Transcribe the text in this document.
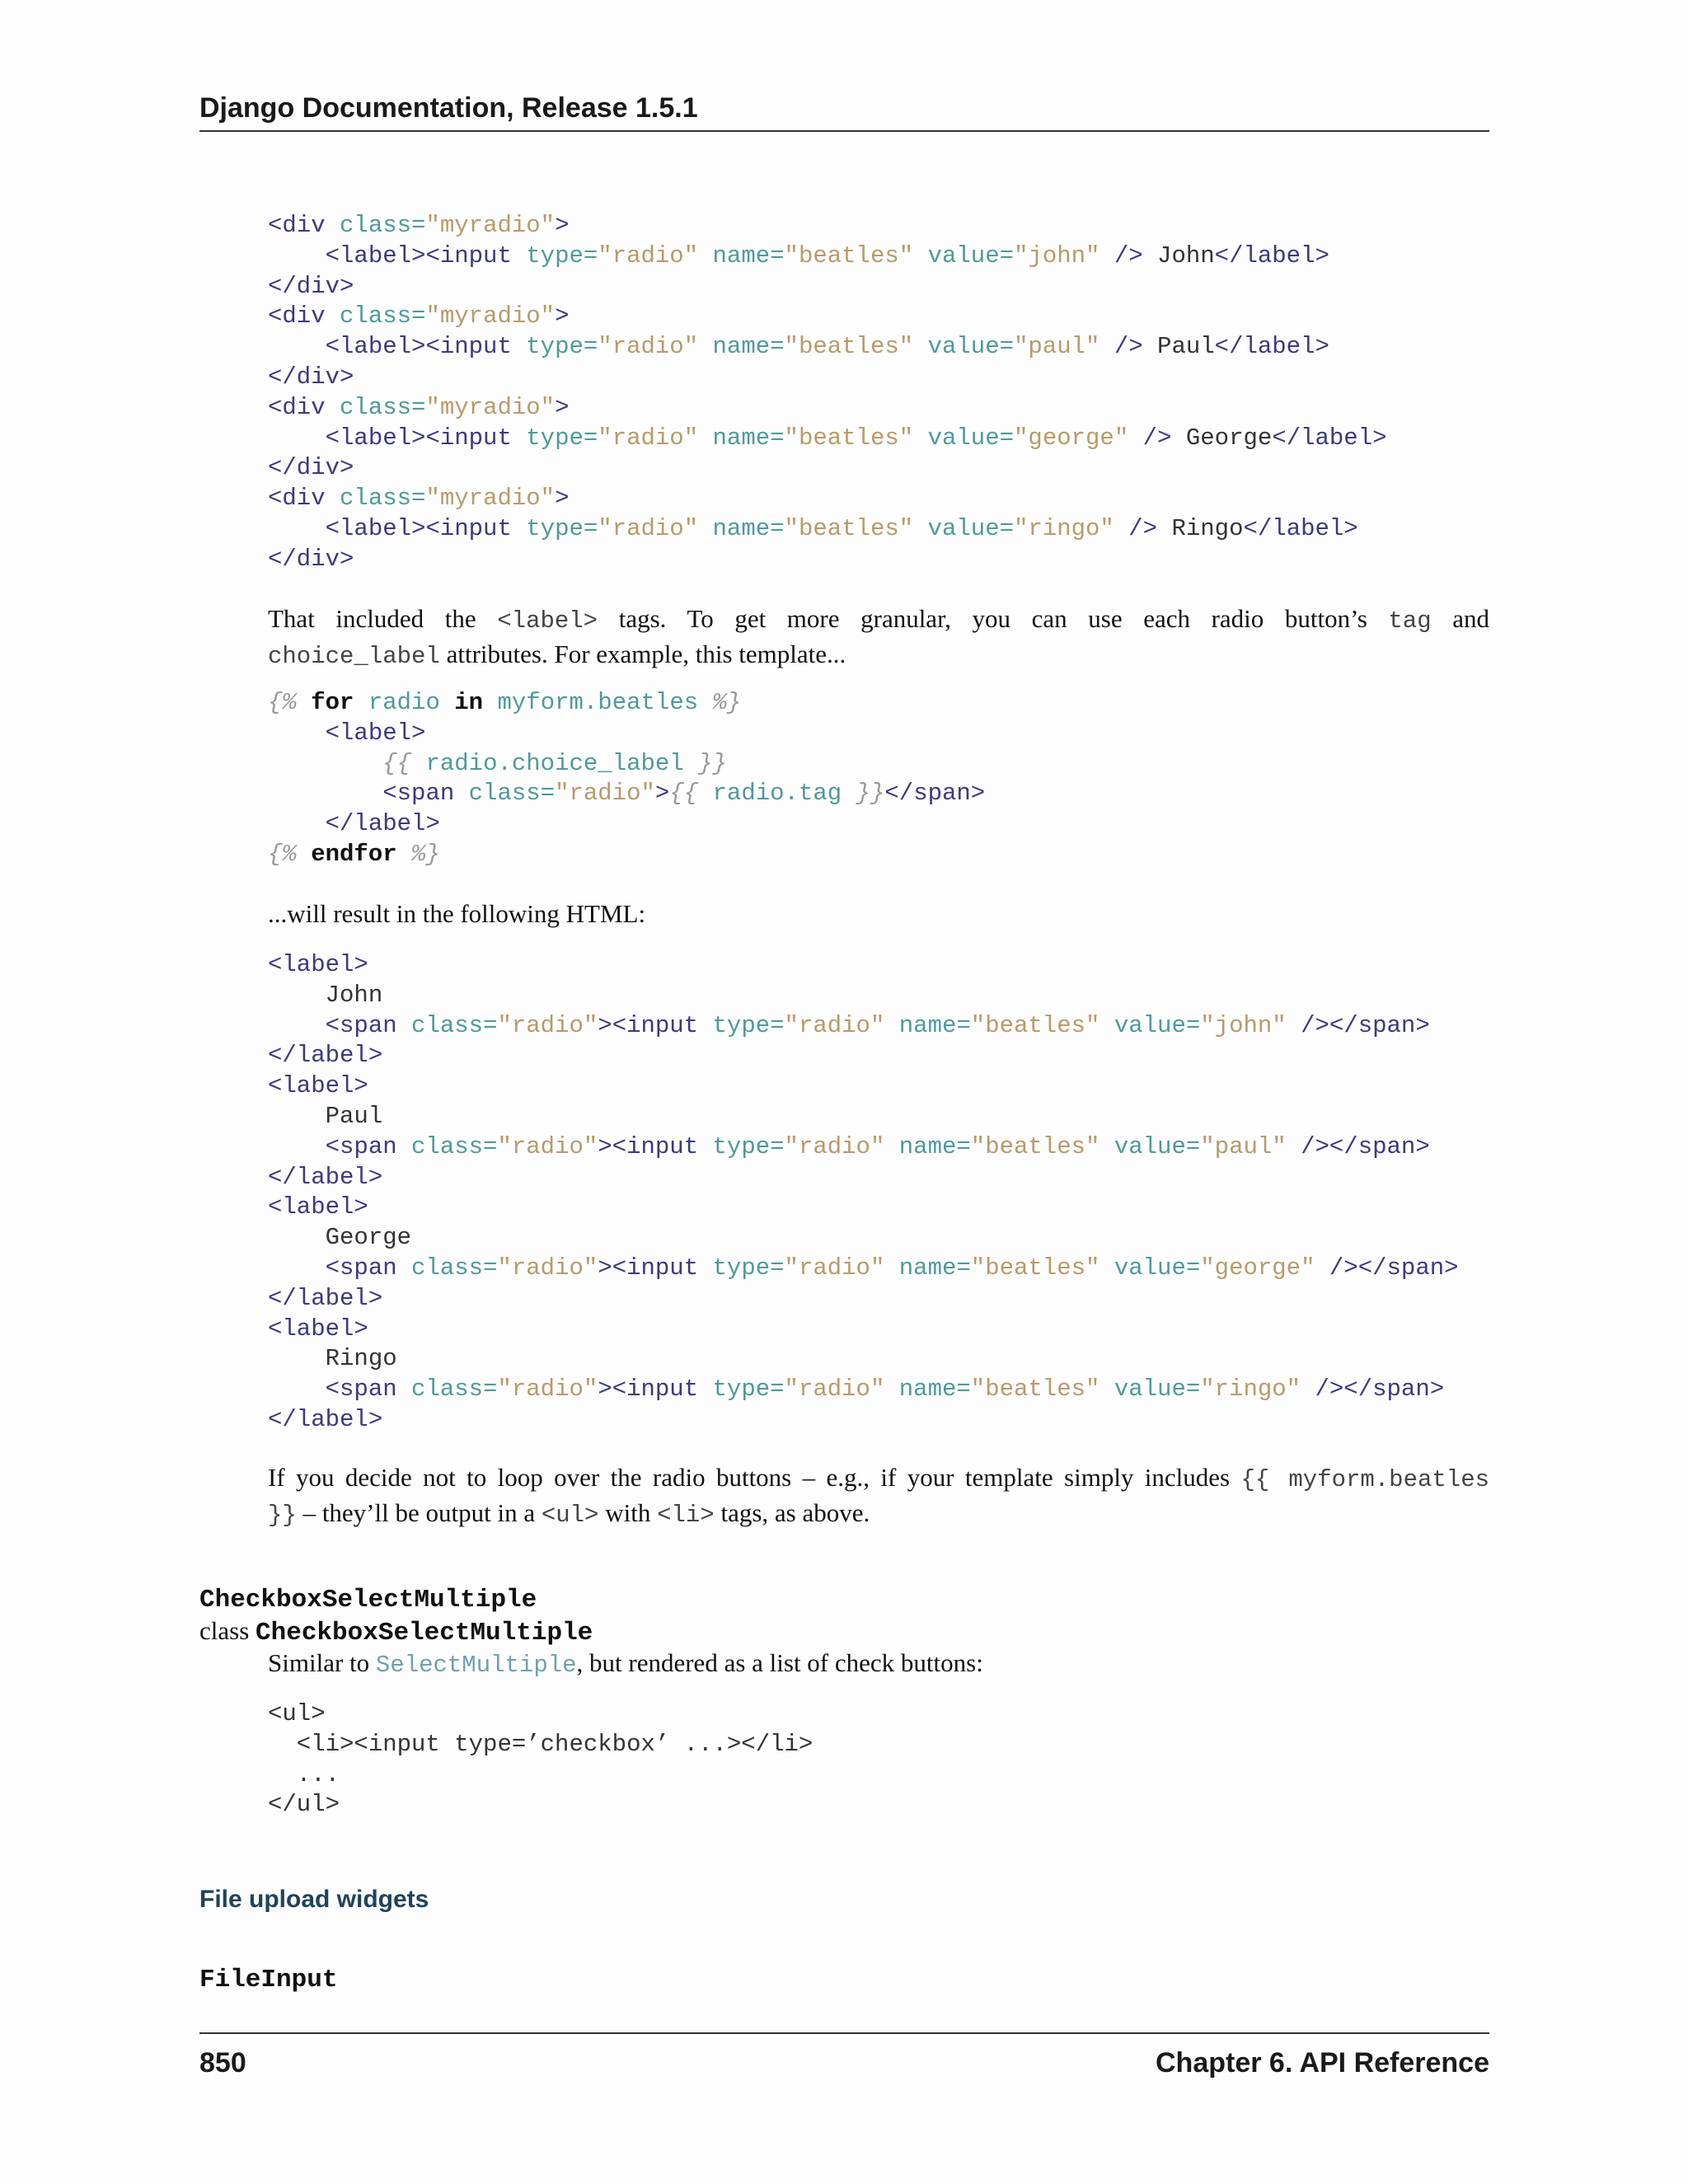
Django Documentation, Release 1.5.1
<div class="myradio">
<label><input type="radio" name="beatles" value="john" /> John</label>
</div>
<div class="myradio">
<label><input type="radio" name="beatles" value="paul" /> Paul</label>
</div>
<div class="myradio">
<label><input type="radio" name="beatles" value="george" /> George</label>
</div>
<div class="myradio">
<label><input type="radio" name="beatles" value="ringo" /> Ringo</label>
</div>
That included the <label> tags. To get more granular, you can use each radio button’s tag and
choice_label attributes. For example, this template...
{% for radio in myform.beatles %}
<label>
{{ radio.choice_label }}
<span class="radio">{{ radio.tag }}</span>
</label>
{% endfor %}
...will result in the following HTML:
<label>
John
<span class="radio"><input type="radio" name="beatles" value="john" /></span>
</label>
<label>
Paul
<span class="radio"><input type="radio" name="beatles" value="paul" /></span>
</label>
<label>
George
<span class="radio"><input type="radio" name="beatles" value="george" /></span>
</label>
<label>
Ringo
<span class="radio"><input type="radio" name="beatles" value="ringo" /></span>
</label>
If you decide not to loop over the radio buttons – e.g., if your template simply includes {{ myform.beatles
}} – they’ll be output in a <ul> with <li> tags, as above.
CheckboxSelectMultiple
class CheckboxSelectMultiple
Similar to SelectMultiple, but rendered as a list of check buttons:
<ul>
<li><input type=’checkbox’ ...></li>
...
</ul>
File upload widgets
FileInput
850	Chapter 6. API Reference
